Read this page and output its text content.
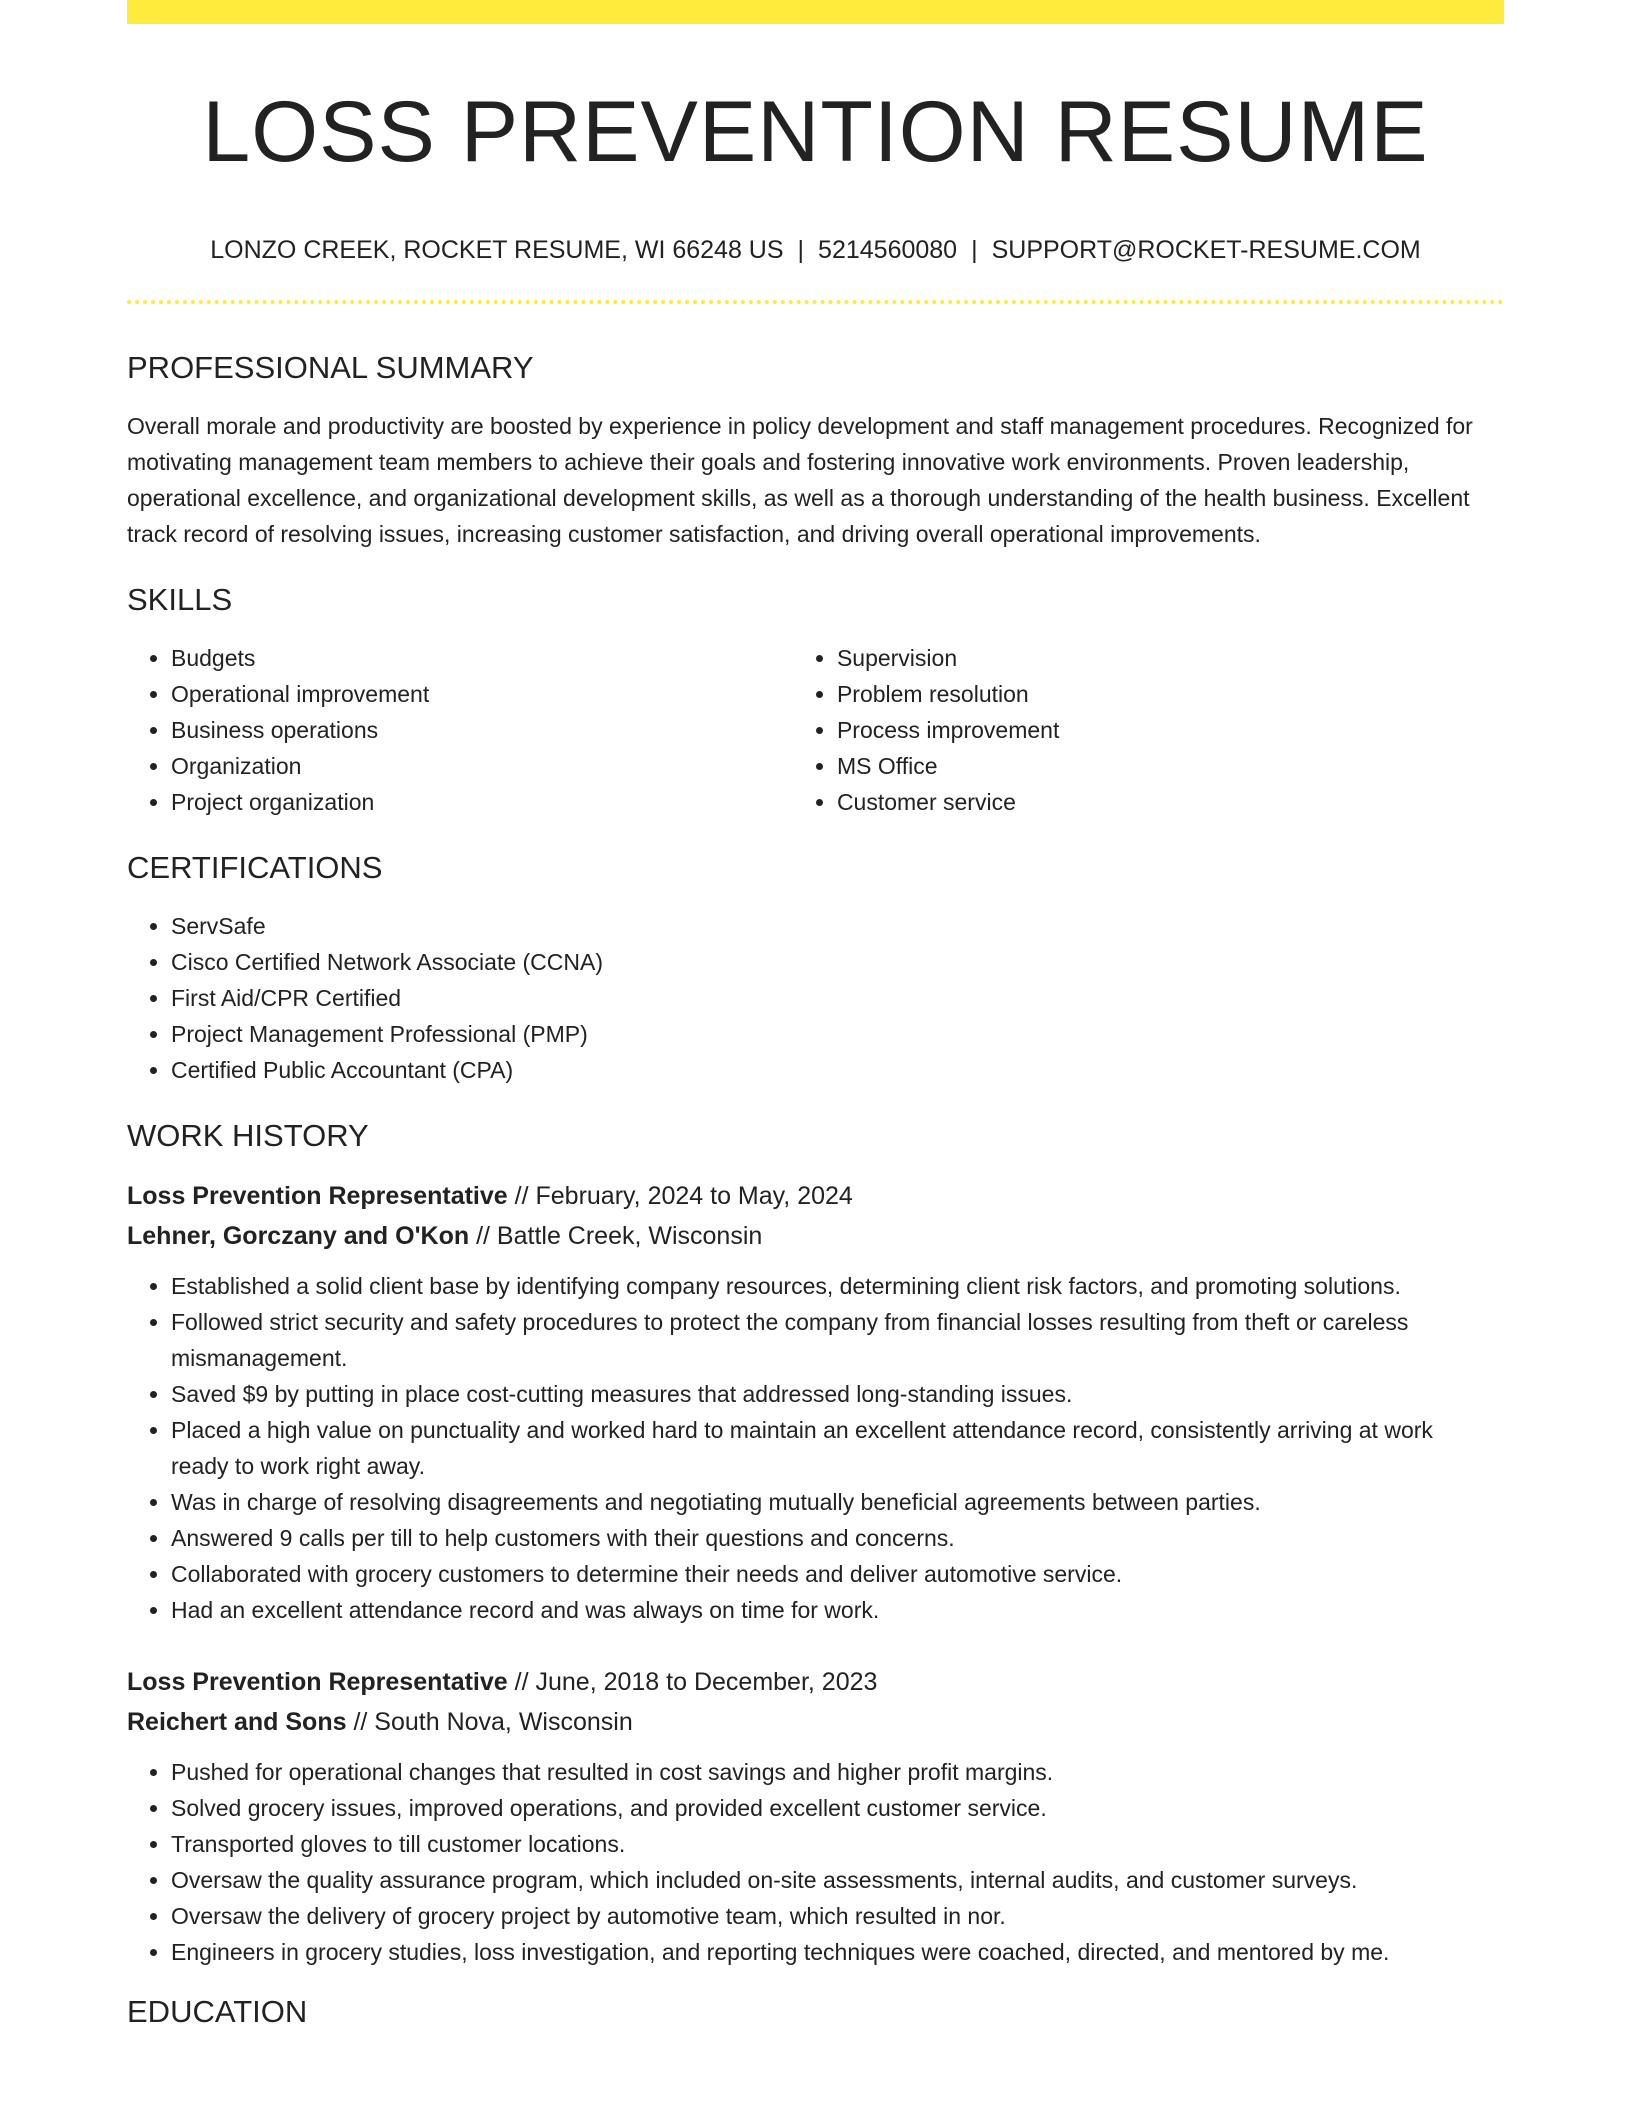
LOSS PREVENTION RESUME
LONZO CREEK, ROCKET RESUME, WI 66248 US | 5214560080 | SUPPORT@ROCKET-RESUME.COM
PROFESSIONAL SUMMARY

Overall morale and productivity are boosted by experience in policy development and staff management procedures. Recognized for motivating management team members to achieve their goals and fostering innovative work environments. Proven leadership, operational excellence, and organizational development skills, as well as a thorough understanding of the health business. Excellent track record of resolving issues, increasing customer satisfaction, and driving overall operational improvements.

SKILLS
• Budgets
• Operational improvement
• Business operations
• Organization
• Project organization
• Supervision
• Problem resolution
• Process improvement
• MS Office
• Customer service
CERTIFICATIONS
• ServSafe
• Cisco Certified Network Associate (CCNA)
• First Aid/CPR Certified
• Project Management Professional (PMP)
• Certified Public Accountant (CPA)
WORK HISTORY
Loss Prevention Representative // February, 2024 to May, 2024
Lehner, Gorczany and O'Kon // Battle Creek, Wisconsin
• Established a solid client base by identifying company resources, determining client risk factors, and promoting solutions.
• Followed strict security and safety procedures to protect the company from financial losses resulting from theft or careless mismanagement.
• Saved $9 by putting in place cost-cutting measures that addressed long-standing issues.
• Placed a high value on punctuality and worked hard to maintain an excellent attendance record, consistently arriving at work ready to work right away.
• Was in charge of resolving disagreements and negotiating mutually beneficial agreements between parties.
• Answered 9 calls per till to help customers with their questions and concerns.
• Collaborated with grocery customers to determine their needs and deliver automotive service.
• Had an excellent attendance record and was always on time for work.
Loss Prevention Representative // June, 2018 to December, 2023
Reichert and Sons // South Nova, Wisconsin
• Pushed for operational changes that resulted in cost savings and higher profit margins.
• Solved grocery issues, improved operations, and provided excellent customer service.
• Transported gloves to till customer locations.
• Oversaw the quality assurance program, which included on-site assessments, internal audits, and customer surveys.
• Oversaw the delivery of grocery project by automotive team, which resulted in nor.
• Engineers in grocery studies, loss investigation, and reporting techniques were coached, directed, and mentored by me.
EDUCATION
